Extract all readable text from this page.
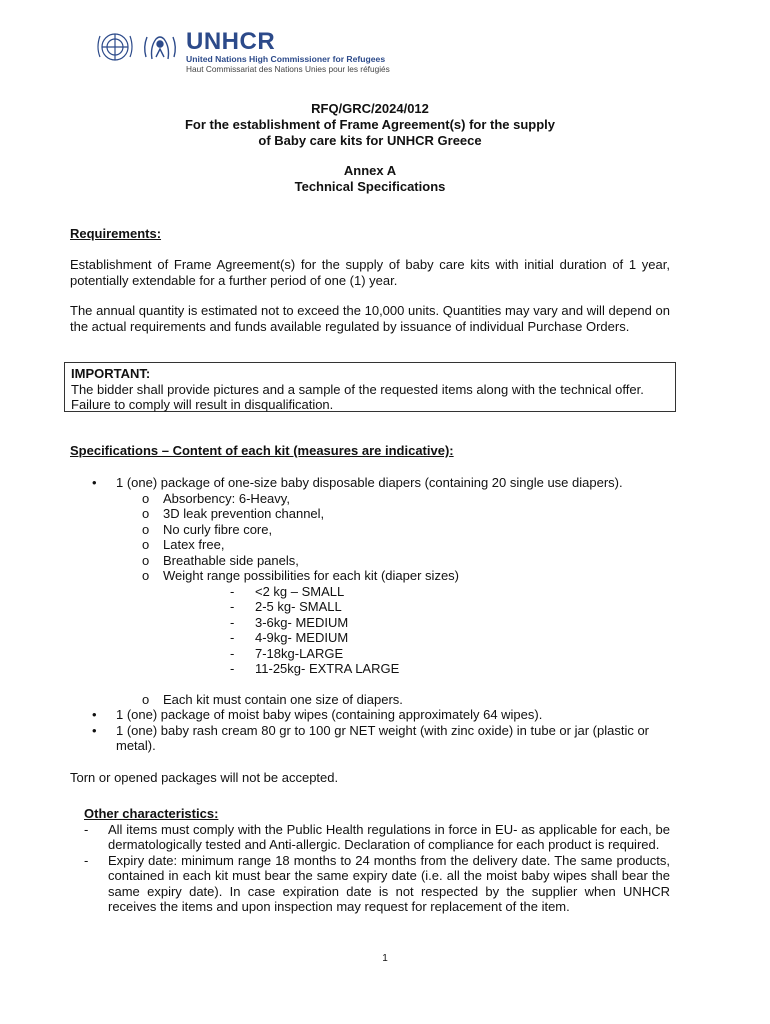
UNHCR
United Nations High Commissioner for Refugees
Haut Commissariat des Nations Unies pour les réfugiés
RFQ/GRC/2024/012
For the establishment of Frame Agreement(s) for the supply
of Baby care kits for UNHCR Greece
Annex A
Technical Specifications
Requirements:

Establishment of Frame Agreement(s) for the supply of baby care kits with initial duration of 1 year, potentially extendable for a further period of one (1) year.

The annual quantity is estimated not to exceed the 10,000 units. Quantities may vary and will depend on the actual requirements and funds available regulated by issuance of individual Purchase Orders.

IMPORTANT:
The bidder shall provide pictures and a sample of the requested items along with the technical offer. Failure to comply will result in disqualification.
Specifications – Content of each kit (measures are indicative):
• 1 (one) package of one-size baby disposable diapers (containing 20 single use diapers).
o Absorbency: 6-Heavy,
o 3D leak prevention channel,
o No curly fibre core,
o Latex free,
o Breathable side panels,
o Weight range possibilities for each kit (diaper sizes)
- <2 kg – SMALL
- 2-5 kg- SMALL
- 3-6kg- MEDIUM
- 4-9kg- MEDIUM
- 7-18kg-LARGE
- 11-25kg- EXTRA LARGE
o Each kit must contain one size of diapers.
• 1 (one) package of moist baby wipes (containing approximately 64 wipes).
• 1 (one) baby rash cream 80 gr to 100 gr NET weight (with zinc oxide) in tube or jar (plastic or metal).

Torn or opened packages will not be accepted.

Other characteristics:
- All items must comply with the Public Health regulations in force in EU- as applicable for each, be dermatologically tested and Anti-allergic. Declaration of compliance for each product is required.
- Expiry date: minimum range 18 months to 24 months from the delivery date. The same products, contained in each kit must bear the same expiry date (i.e. all the moist baby wipes shall bear the same expiry date). In case expiration date is not respected by the supplier when UNHCR receives the items and upon inspection may request for replacement of the item.
1
